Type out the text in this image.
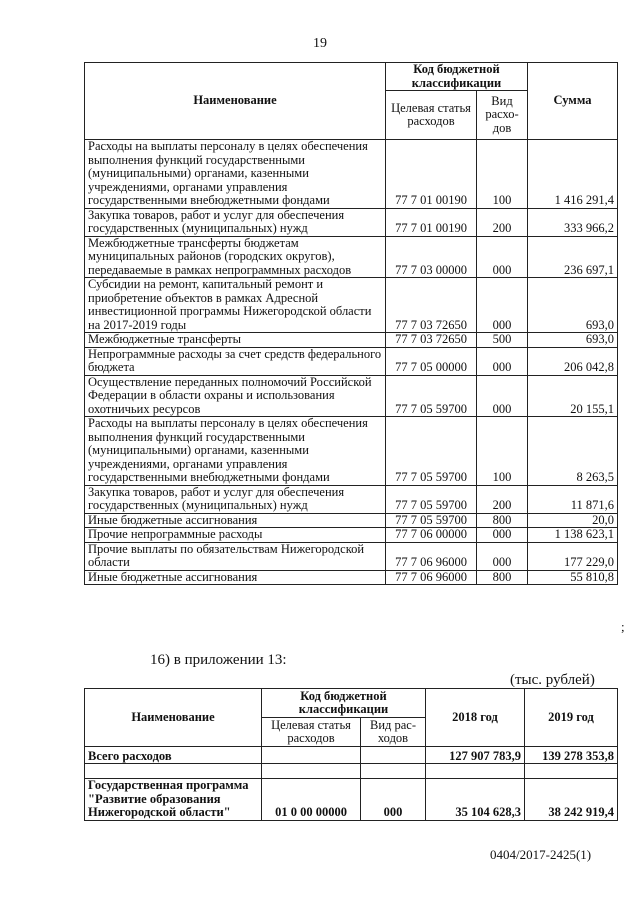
19
Наименование	Код бюджетной классификации		Сумма
	Целевая статья расходов	Вид расхо-дов	
Расходы на выплаты персоналу в целях обеспечения выполнения функций государственными (муниципальными) органами, казенными учреждениями, органами управления государственными внебюджетными фондами	77 7 01 00190	100	1 416 291,4
Закупка товаров, работ и услуг для обеспечения государственных (муниципальных) нужд	77 7 01 00190	200	333 966,2
Межбюджетные трансферты бюджетам муниципальных районов (городских округов), передаваемые в рамках непрограммных расходов	77 7 03 00000	000	236 697,1
Субсидии на ремонт, капитальный ремонт и приобретение объектов в рамках Адресной инвестиционной программы Нижегородской области на 2017-2019 годы	77 7 03 72650	000	693,0
Межбюджетные трансферты	77 7 03 72650	500	693,0
Непрограммные расходы за счет средств федерального бюджета	77 7 05 00000	000	206 042,8
Осуществление переданных полномочий Российской Федерации в области охраны и использования охотничьих ресурсов	77 7 05 59700	000	20 155,1
Расходы на выплаты персоналу в целях обеспечения выполнения функций государственными (муниципальными) органами, казенными учреждениями, органами управления государственными внебюджетными фондами	77 7 05 59700	100	8 263,5
Закупка товаров, работ и услуг для обеспечения государственных (муниципальных) нужд	77 7 05 59700	200	11 871,6
Иные бюджетные ассигнования	77 7 05 59700	800	20,0
Прочие непрограммные расходы	77 7 06 00000	000	1 138 623,1
Прочие выплаты по обязательствам Нижегородской области	77 7 06 96000	000	177 229,0
Иные бюджетные ассигнования	77 7 06 96000	800	55 810,8
;
16) в приложении 13:
(тыс. рублей)
Наименование	Код бюджетной классификации		2018 год	2019 год
	Целевая статья расходов	Вид рас-ходов		
Всего расходов			127 907 783,9	139 278 353,8

Государственная программа "Развитие образования Нижегородской области"	01 0 00 00000	000	35 104 628,3	38 242 919,4
0404/2017-2425(1)
